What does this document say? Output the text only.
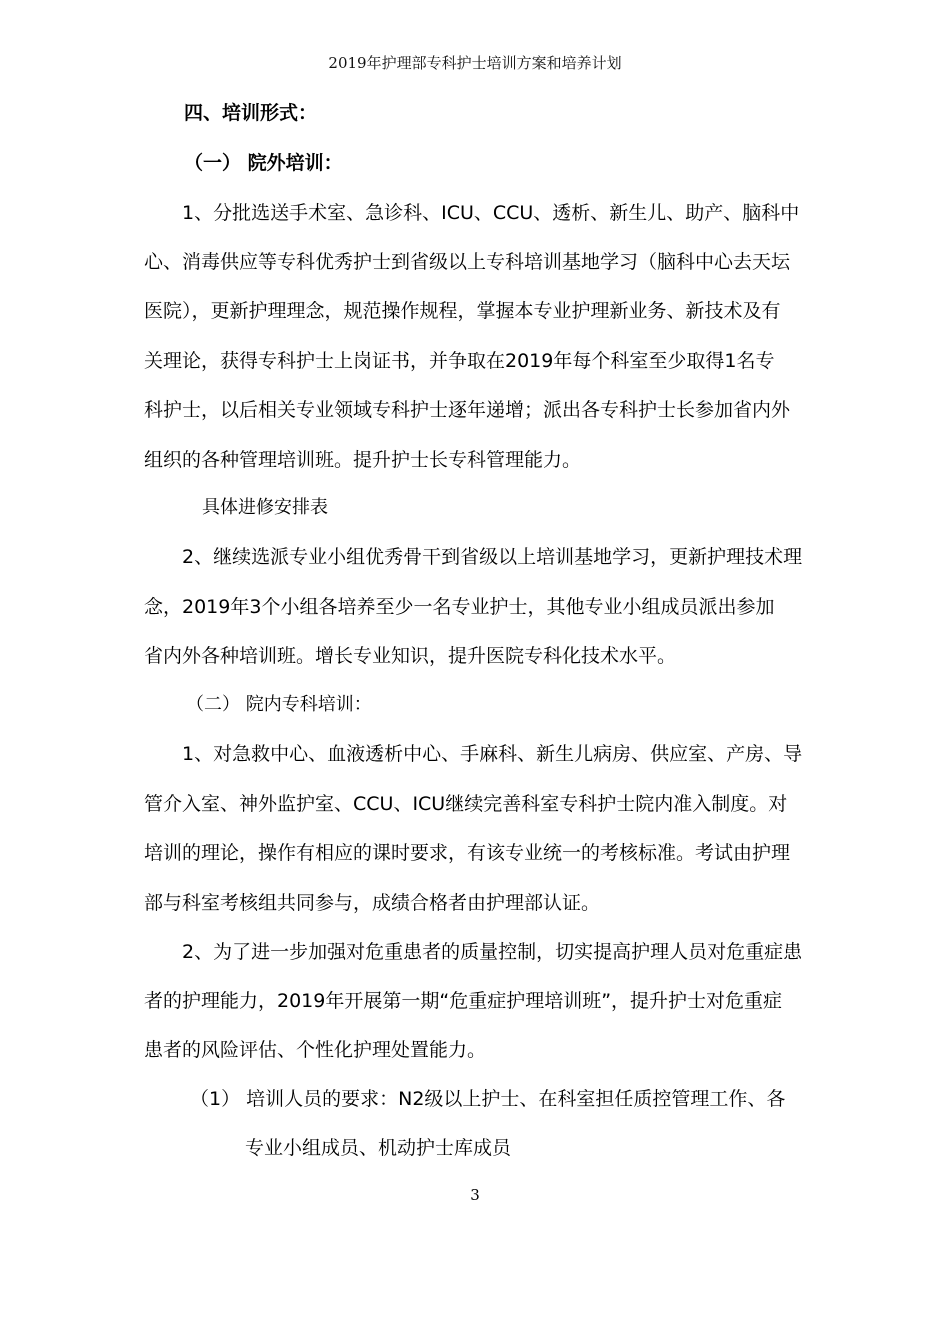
2019年护理部专科护士培训方案和培养计划
四、培训形式：
（一） 院外培训：
1、分批选送手术室、急诊科、ICU、CCU、透析、新生儿、助产、脑科中
心、消毒供应等专科优秀护士到省级以上专科培训基地学习（脑科中心去天坛
医院），更新护理理念，规范操作规程，掌握本专业护理新业务、新技术及有
关理论，获得专科护士上岗证书，并争取在2019年每个科室至少取得1名专
科护士，以后相关专业领域专科护士逐年递增；派出各专科护士长参加省内外
组织的各种管理培训班。提升护士长专科管理能力。
具体进修安排表
2、继续选派专业小组优秀骨干到省级以上培训基地学习，更新护理技术理
念，2019年3个小组各培养至少一名专业护士，其他专业小组成员派出参加
省内外各种培训班。增长专业知识，提升医院专科化技术水平。
（二） 院内专科培训：
1、对急救中心、血液透析中心、手麻科、新生儿病房、供应室、产房、导
管介入室、神外监护室、CCU、ICU继续完善科室专科护士院内准入制度。对
培训的理论，操作有相应的课时要求，有该专业统一的考核标准。考试由护理
部与科室考核组共同参与，成绩合格者由护理部认证。
2、为了进一步加强对危重患者的质量控制，切实提高护理人员对危重症患
者的护理能力，2019年开展第一期“危重症护理培训班”，提升护士对危重症
患者的风险评估、个性化护理处置能力。
（1） 培训人员的要求：N2级以上护士、在科室担任质控管理工作、各
专业小组成员、机动护士库成员
3
